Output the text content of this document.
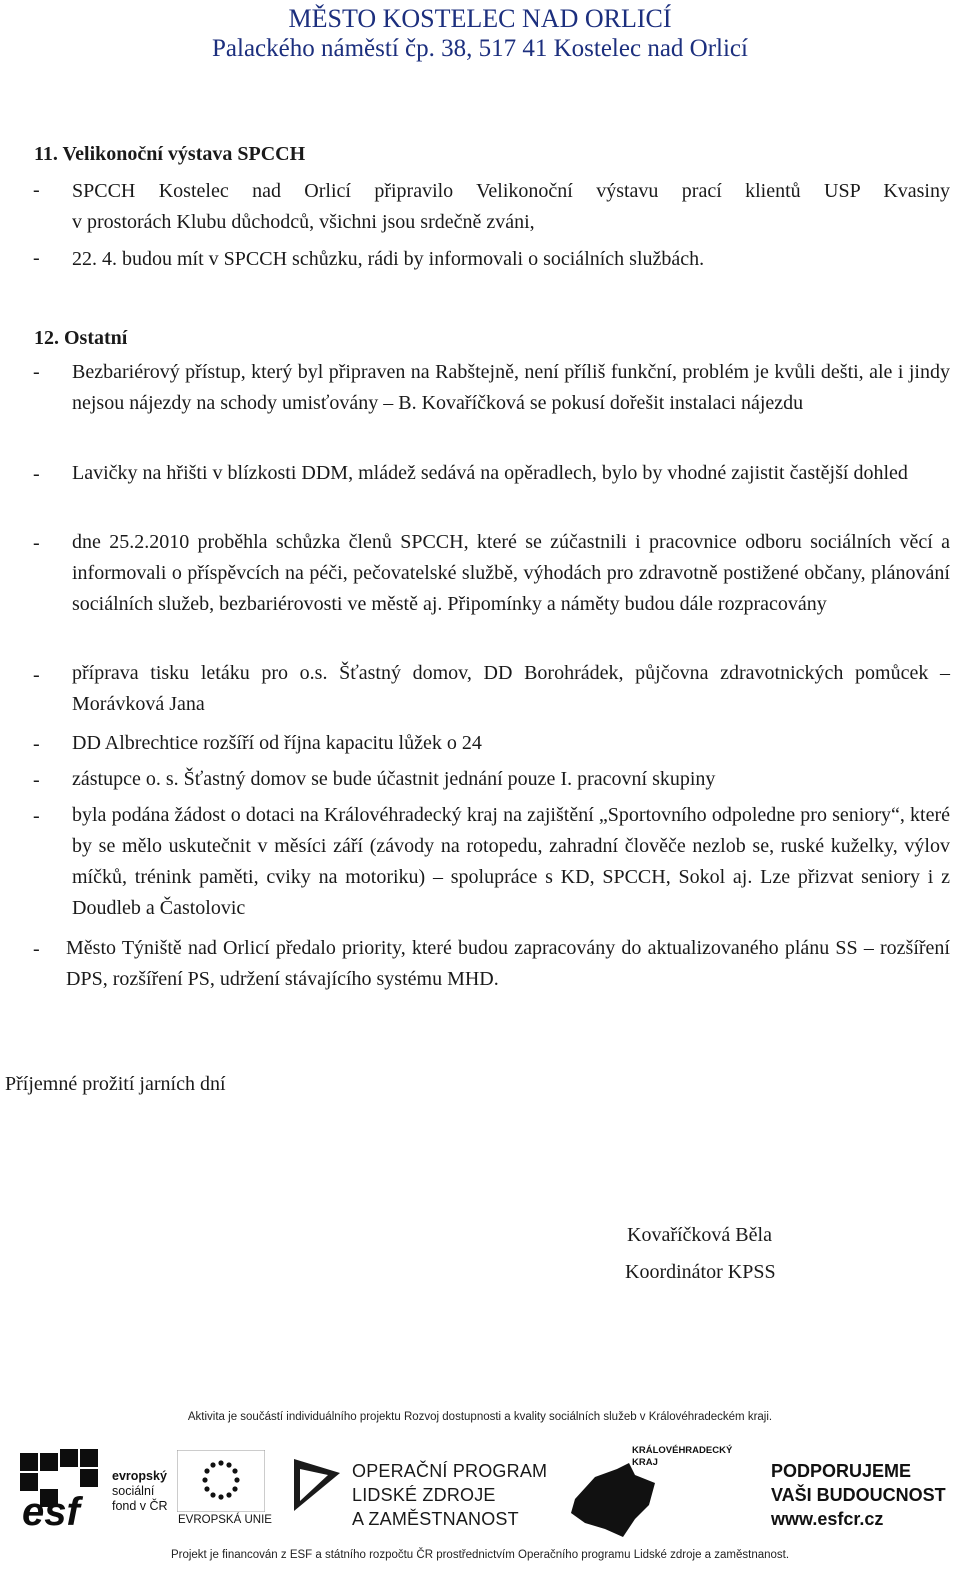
MĚSTO KOSTELEC NAD ORLICÍ
Palackého náměstí čp. 38, 517 41 Kostelec nad Orlicí
11. Velikonoční výstava SPCCH
- SPCCH Kostelec nad Orlicí připravilo Velikonoční výstavu prací klientů USP Kvasiny
v prostorách Klubu důchodců, všichni jsou srdečně zváni,
- 22. 4. budou mít v SPCCH schůzku, rádi by informovali o sociálních službách.
12. Ostatní
- Bezbariérový přístup, který byl připraven na Rabštejně, není příliš funkční, problém je kvůli dešti, ale i jindy nejsou nájezdy na schody umisťovány – B. Kovaříčková se pokusí dořešit instalaci nájezdu
- Lavičky na hřišti v blízkosti DDM, mládež sedává na opěradlech, bylo by vhodné zajistit častější dohled
- dne 25.2.2010 proběhla schůzka členů SPCCH, které se zúčastnili i pracovnice odboru sociálních věcí a informovali o příspěvcích na péči, pečovatelské službě, výhodách pro zdravotně postižené občany, plánování sociálních služeb, bezbariérovosti ve městě aj. Připomínky a náměty budou dále rozpracovány
- příprava tisku letáku pro o.s. Šťastný domov, DD Borohrádek, půjčovna zdravotnických pomůcek – Morávková Jana
- DD Albrechtice rozšíří od října kapacitu lůžek o 24
- zástupce o. s. Šťastný domov se bude účastnit jednání pouze I. pracovní skupiny
- byla podána žádost o dotaci na Královéhradecký kraj na zajištění „Sportovního odpoledne pro seniory“, které by se mělo uskutečnit v měsíci září (závody na rotopedu, zahradní člověče nezlob se, ruské kuželky, výlov míčků, trénink paměti, cviky na motoriku) – spolupráce s KD, SPCCH, Sokol aj. Lze přizvat seniory i z Doudleb a Častolovic
- Město Týniště nad Orlicí předalo priority, které budou zapracovány do aktualizovaného plánu SS – rozšíření DPS, rozšíření PS, udržení stávajícího systému MHD.
Příjemné prožití jarních dní
Kovaříčková Běla
Koordinátor KPSS
Aktivita je součástí individuálního projektu Rozvoj dostupnosti a kvality sociálních služeb v Královéhradeckém kraji.
esf
evropský
sociální
fond v ČR
EVROPSKÁ UNIE
OPERAČNÍ PROGRAM
LIDSKÉ ZDROJE
A ZAMĚSTNANOST
KRÁLOVÉHRADECKÝ
KRAJ	PODPORUJEME
VAŠI BUDOUCNOST
www.esfcr.cz
Projekt je financován z ESF a státního rozpočtu ČR prostřednictvím Operačního programu Lidské zdroje a zaměstnanost.
